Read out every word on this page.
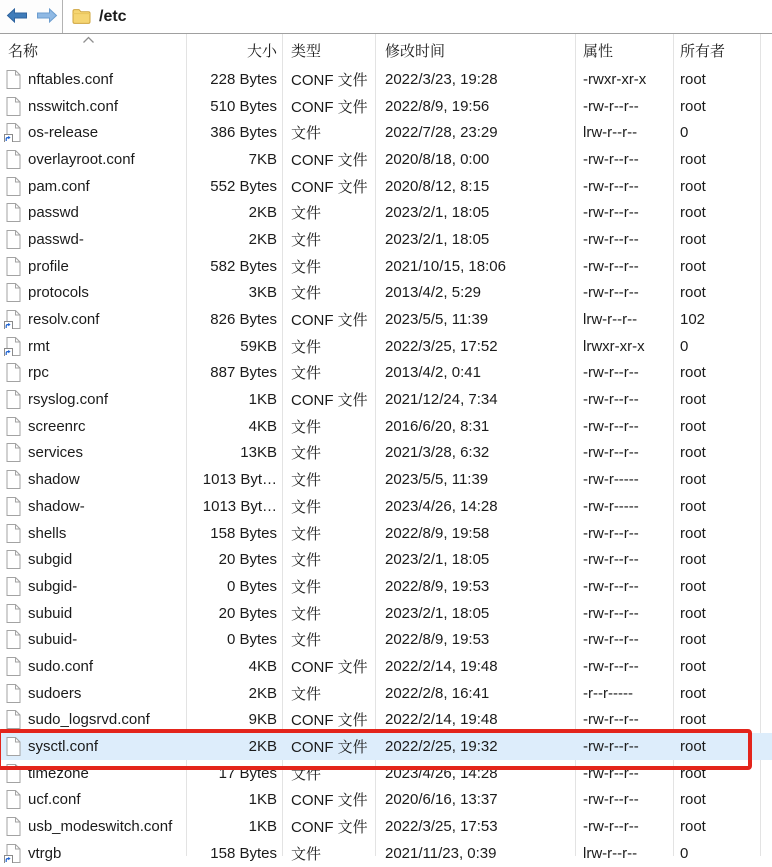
/etc
名称	大小 类型	修改时间	属性	所有者
nftables.conf	228 Bytes CONF 文件	2022/3/23, 19:28	-rwxr-xr-x	root
nsswitch.conf	510 Bytes CONF 文件	2022/8/9, 19:56	-rw-r--r--	root
os-release	386 Bytes 文件	2022/7/28, 23:29	lrw-r--r--	0
overlayroot.conf	7KB CONF 文件	2020/8/18, 0:00	-rw-r--r--	root
pam.conf	552 Bytes CONF 文件	2020/8/12, 8:15	-rw-r--r--	root
passwd	2KB 文件	2023/2/1, 18:05	-rw-r--r--	root
passwd-	2KB 文件	2023/2/1, 18:05	-rw-r--r--	root
profile	582 Bytes 文件	2021/10/15, 18:06	-rw-r--r--	root
protocols	3KB 文件	2013/4/2, 5:29	-rw-r--r--	root
resolv.conf	826 Bytes CONF 文件	2023/5/5, 11:39	lrw-r--r--	102
rmt	59KB 文件	2022/3/25, 17:52	lrwxr-xr-x	0
rpc	887 Bytes 文件	2013/4/2, 0:41	-rw-r--r--	root
rsyslog.conf	1KB CONF 文件	2021/12/24, 7:34	-rw-r--r--	root
screenrc	4KB 文件	2016/6/20, 8:31	-rw-r--r--	root
services	13KB 文件	2021/3/28, 6:32	-rw-r--r--	root
shadow	1013 Byt… 文件	2023/5/5, 11:39	-rw-r-----	root
shadow-	1013 Byt… 文件	2023/4/26, 14:28	-rw-r-----	root
shells	158 Bytes 文件	2022/8/9, 19:58	-rw-r--r--	root
subgid	20 Bytes 文件	2023/2/1, 18:05	-rw-r--r--	root
subgid-	0 Bytes 文件	2022/8/9, 19:53	-rw-r--r--	root
subuid	20 Bytes 文件	2023/2/1, 18:05	-rw-r--r--	root
subuid-	0 Bytes 文件	2022/8/9, 19:53	-rw-r--r--	root
sudo.conf	4KB CONF 文件	2022/2/14, 19:48	-rw-r--r--	root
sudoers	2KB 文件	2022/2/8, 16:41	-r--r-----	root
sudo_logsrvd.conf	9KB CONF 文件	2022/2/14, 19:48	-rw-r--r--	root
sysctl.conf	2KB CONF 文件	2022/2/25, 19:32	-rw-r--r--	root
timezone	17 Bytes 文件	2023/4/26, 14:28	-rw-r--r--	root
ucf.conf	1KB CONF 文件	2020/6/16, 13:37	-rw-r--r--	root
usb_modeswitch.conf	1KB CONF 文件	2022/3/25, 17:53	-rw-r--r--	root
vtrgb	158 Bytes 文件	2021/11/23, 0:39	lrw-r--r--	0
